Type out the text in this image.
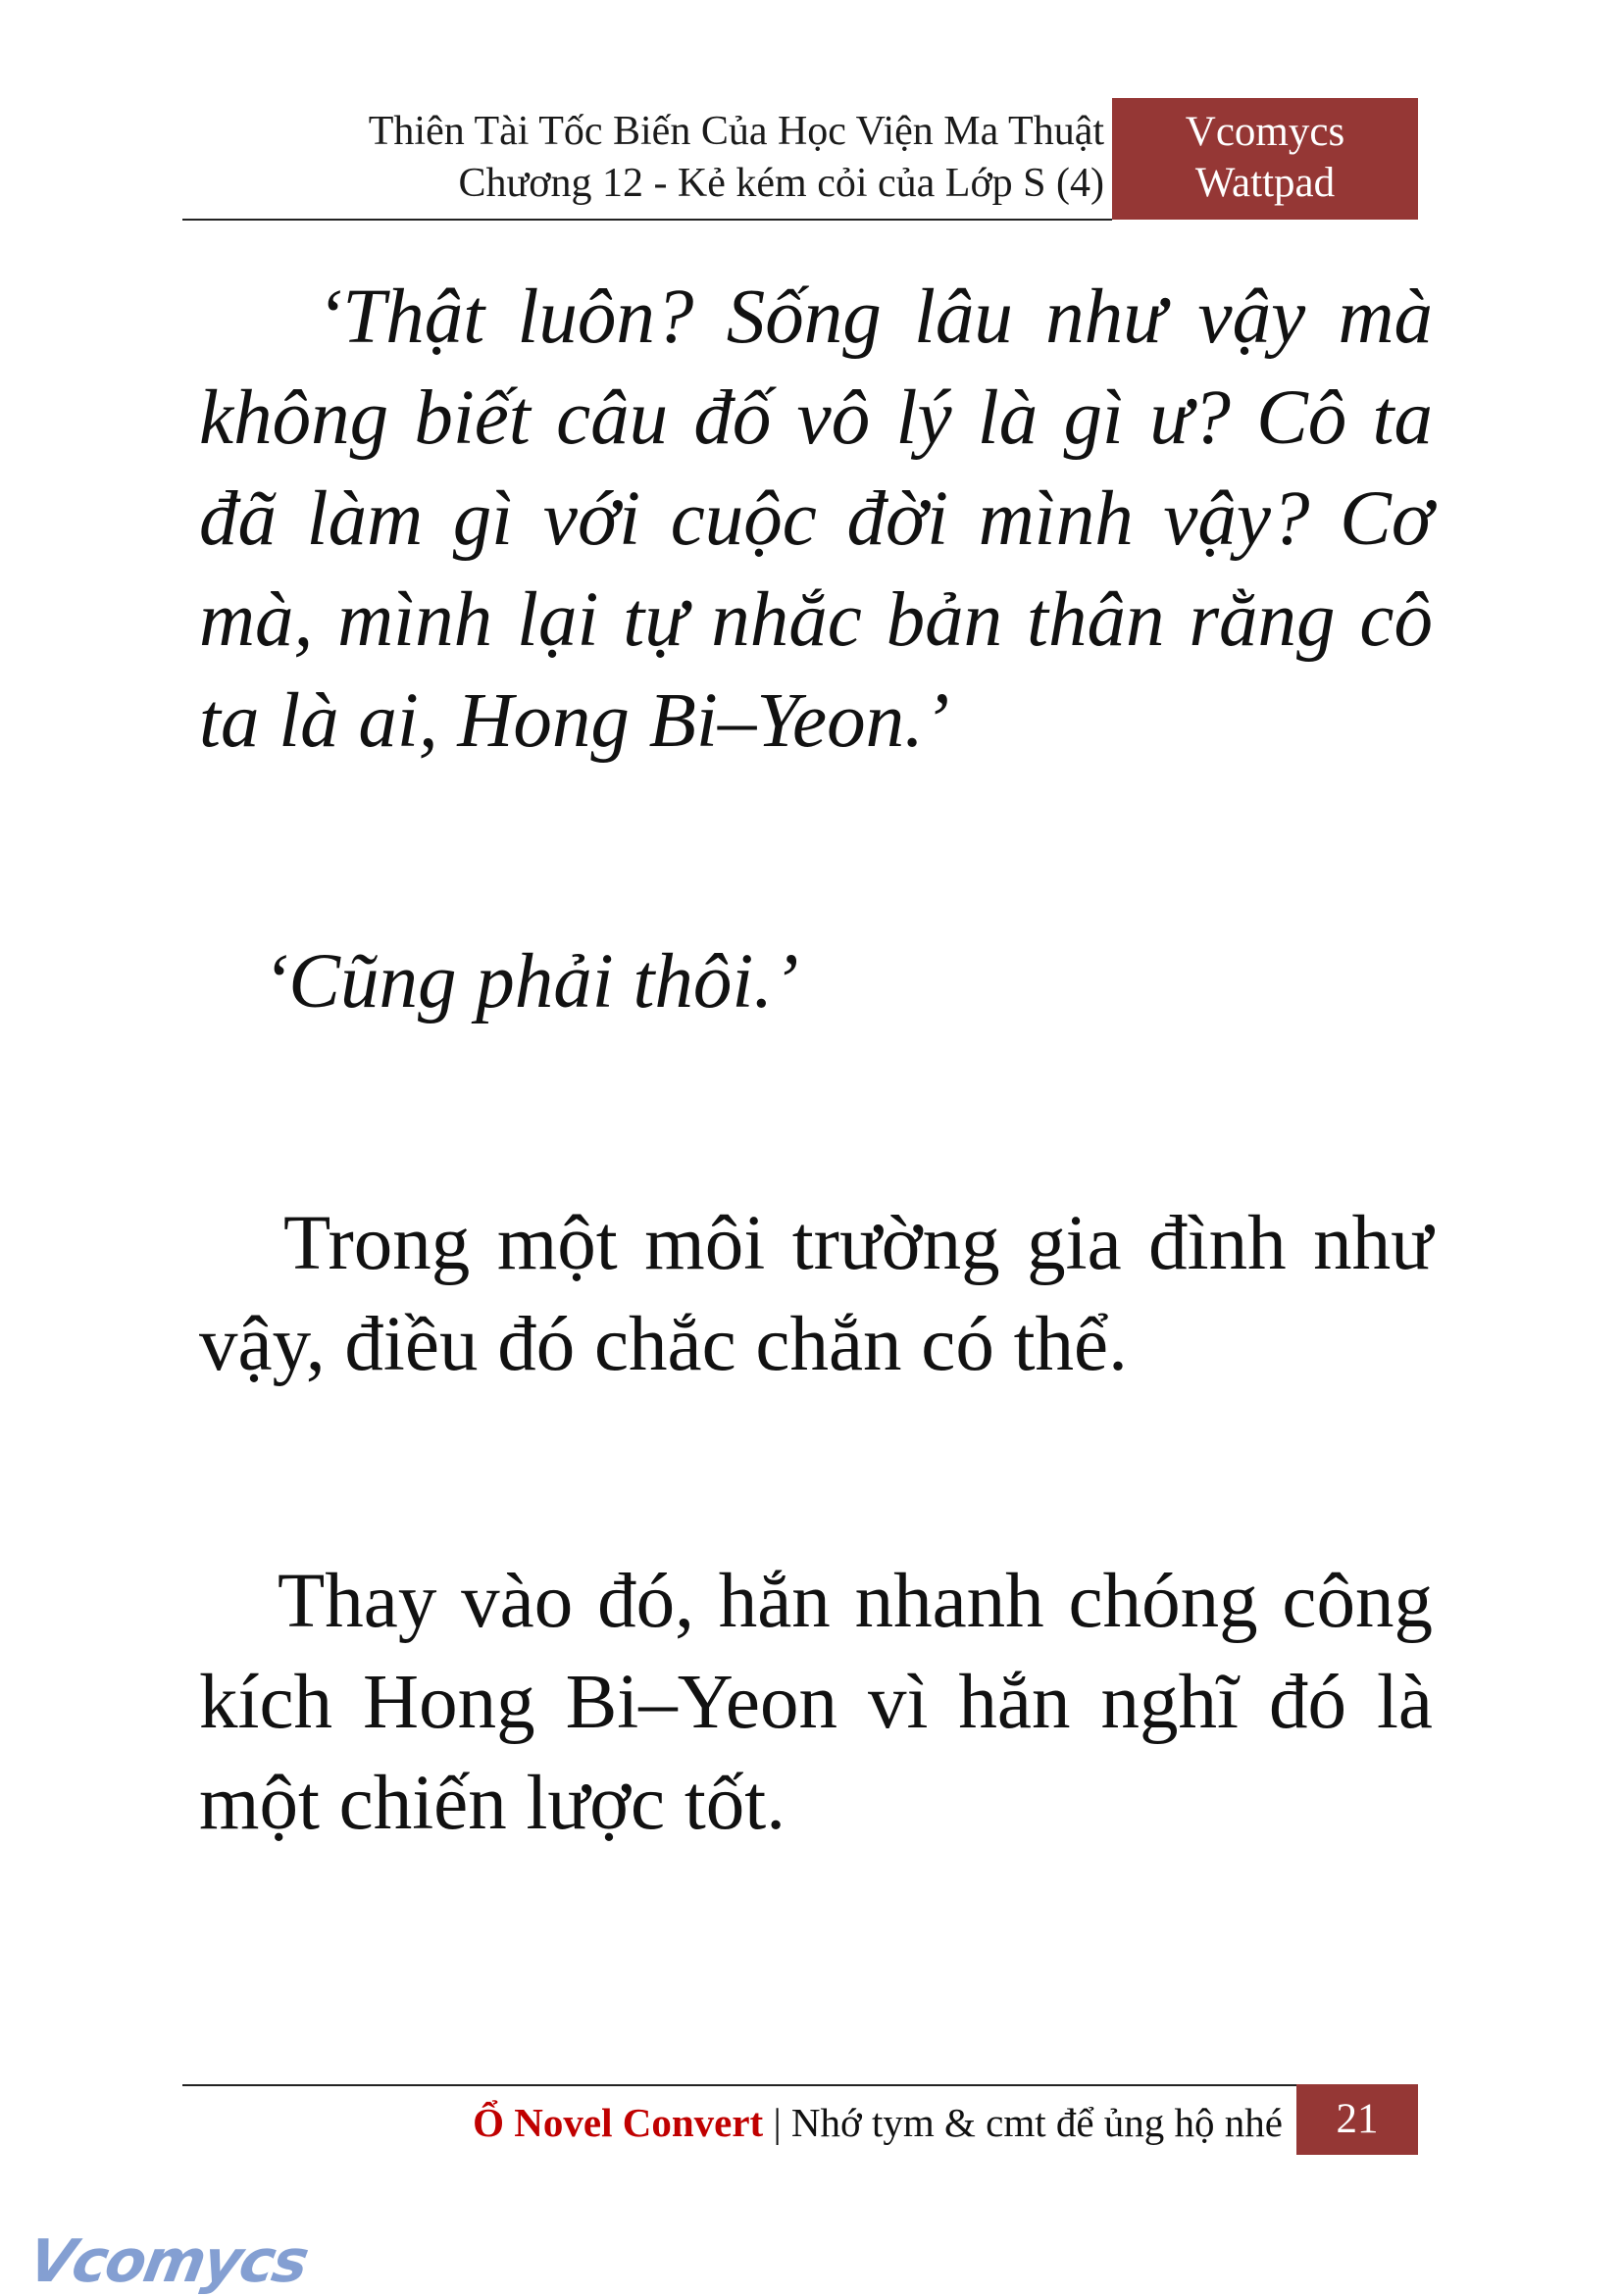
Thiên Tài Tốc Biến Của Học Viện Ma Thuật
Chương 12 - Kẻ kém cỏi của Lớp S (4)
Vcomycs
Wattpad

‘Thật luôn? Sống lâu như vậy mà không biết câu đố vô lý là gì ư? Cô ta đã làm gì với cuộc đời mình vậy? Cơ mà, mình lại tự nhắc bản thân rằng cô ta là ai, Hong Bi–Yeon.’

‘Cũng phải thôi.’

Trong một môi trường gia đình như vậy, điều đó chắc chắn có thể.

Thay vào đó, hắn nhanh chóng công kích Hong Bi–Yeon vì hắn nghĩ đó là một chiến lược tốt.

Ổ Novel Convert | Nhớ tym & cmt để ủng hộ nhé	21
Vcomycs
